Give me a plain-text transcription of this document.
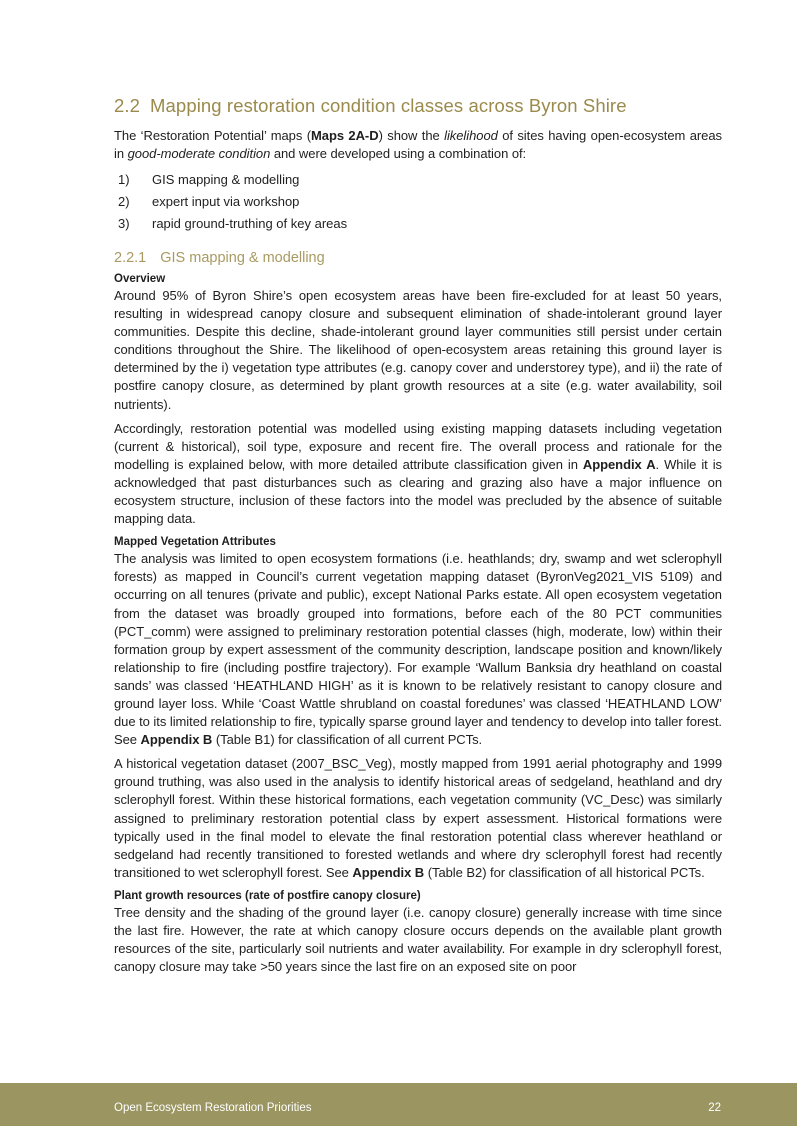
2.2 Mapping restoration condition classes across Byron Shire

The ‘Restoration Potential’ maps (Maps 2A-D) show the likelihood of sites having open-ecosystem areas in good-moderate condition and were developed using a combination of:

1)	GIS mapping & modelling
2)	expert input via workshop
3)	rapid ground-truthing of key areas
2.2.1 GIS mapping & modelling
Overview

Around 95% of Byron Shire’s open ecosystem areas have been fire-excluded for at least 50 years, resulting in widespread canopy closure and subsequent elimination of shade-intolerant ground layer communities. Despite this decline, shade-intolerant ground layer communities still persist under certain conditions throughout the Shire. The likelihood of open-ecosystem areas retaining this ground layer is determined by the i) vegetation type attributes (e.g. canopy cover and understorey type), and ii) the rate of postfire canopy closure, as determined by plant growth resources at a site (e.g. water availability, soil nutrients).

Accordingly, restoration potential was modelled using existing mapping datasets including vegetation (current & historical), soil type, exposure and recent fire. The overall process and rationale for the modelling is explained below, with more detailed attribute classification given in Appendix A. While it is acknowledged that past disturbances such as clearing and grazing also have a major influence on ecosystem structure, inclusion of these factors into the model was precluded by the absence of suitable mapping data.

Mapped Vegetation Attributes

The analysis was limited to open ecosystem formations (i.e. heathlands; dry, swamp and wet sclerophyll forests) as mapped in Council’s current vegetation mapping dataset (ByronVeg2021_VIS 5109) and occurring on all tenures (private and public), except National Parks estate. All open ecosystem vegetation from the dataset was broadly grouped into formations, before each of the 80 PCT communities (PCT_comm) were assigned to preliminary restoration potential classes (high, moderate, low) within their formation group by expert assessment of the community description, landscape position and known/likely relationship to fire (including postfire trajectory). For example ‘Wallum Banksia dry heathland on coastal sands’ was classed ‘HEATHLAND HIGH’ as it is known to be relatively resistant to canopy closure and ground layer loss. While ‘Coast Wattle shrubland on coastal foredunes’ was classed ‘HEATHLAND LOW’ due to its limited relationship to fire, typically sparse ground layer and tendency to develop into taller forest. See Appendix B (Table B1) for classification of all current PCTs.

A historical vegetation dataset (2007_BSC_Veg), mostly mapped from 1991 aerial photography and 1999 ground truthing, was also used in the analysis to identify historical areas of sedgeland, heathland and dry sclerophyll forest. Within these historical formations, each vegetation community (VC_Desc) was similarly assigned to preliminary restoration potential class by expert assessment. Historical formations were typically used in the final model to elevate the final restoration potential class wherever heathland or sedgeland had recently transitioned to forested wetlands and where dry sclerophyll forest had recently transitioned to wet sclerophyll forest. See Appendix B (Table B2) for classification of all historical PCTs.

Plant growth resources (rate of postfire canopy closure)

Tree density and the shading of the ground layer (i.e. canopy closure) generally increase with time since the last fire. However, the rate at which canopy closure occurs depends on the available plant growth resources of the site, particularly soil nutrients and water availability. For example in dry sclerophyll forest, canopy closure may take >50 years since the last fire on an exposed site on poor

Open Ecosystem Restoration Priorities	22
